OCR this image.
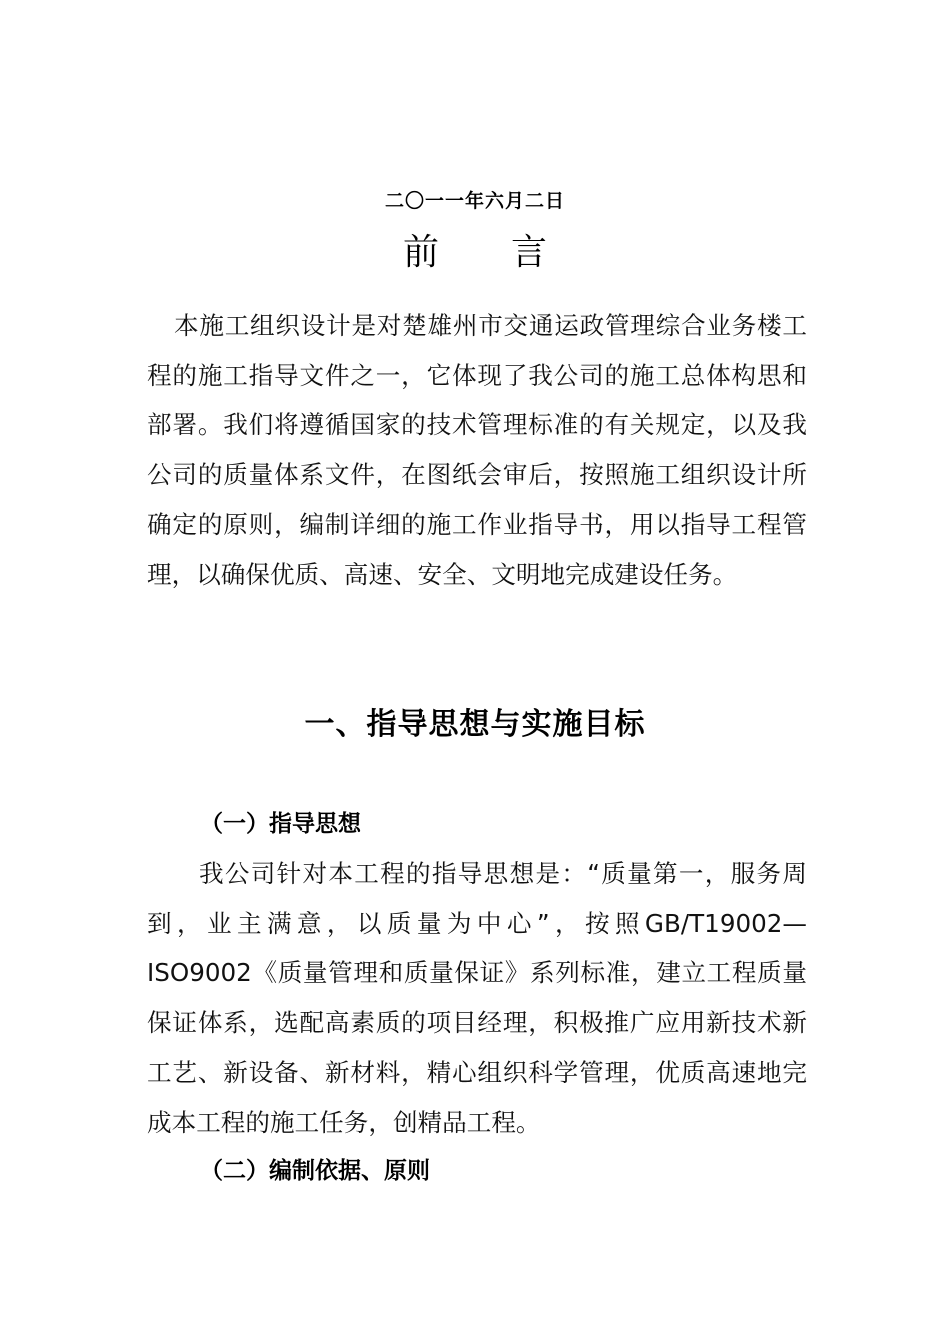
二〇一一年六月二日
前　　言

本施工组织设计是对楚雄州市交通运政管理综合业务楼工程的施工指导文件之一，它体现了我公司的施工总体构思和部署。我们将遵循国家的技术管理标准的有关规定，以及我公司的质量体系文件，在图纸会审后，按照施工组织设计所确定的原则，编制详细的施工作业指导书，用以指导工程管理，以确保优质、高速、安全、文明地完成建设任务。

一、指导思想与实施目标
（一）指导思想

我公司针对本工程的指导思想是：“质量第一，服务周到，业主满意，以质量为中心”，按照GB/T19002—ISO9002《质量管理和质量保证》系列标准，建立工程质量保证体系，选配高素质的项目经理，积极推广应用新技术新工艺、新设备、新材料，精心组织科学管理，优质高速地完成本工程的施工任务，创精品工程。

（二）编制依据、原则
